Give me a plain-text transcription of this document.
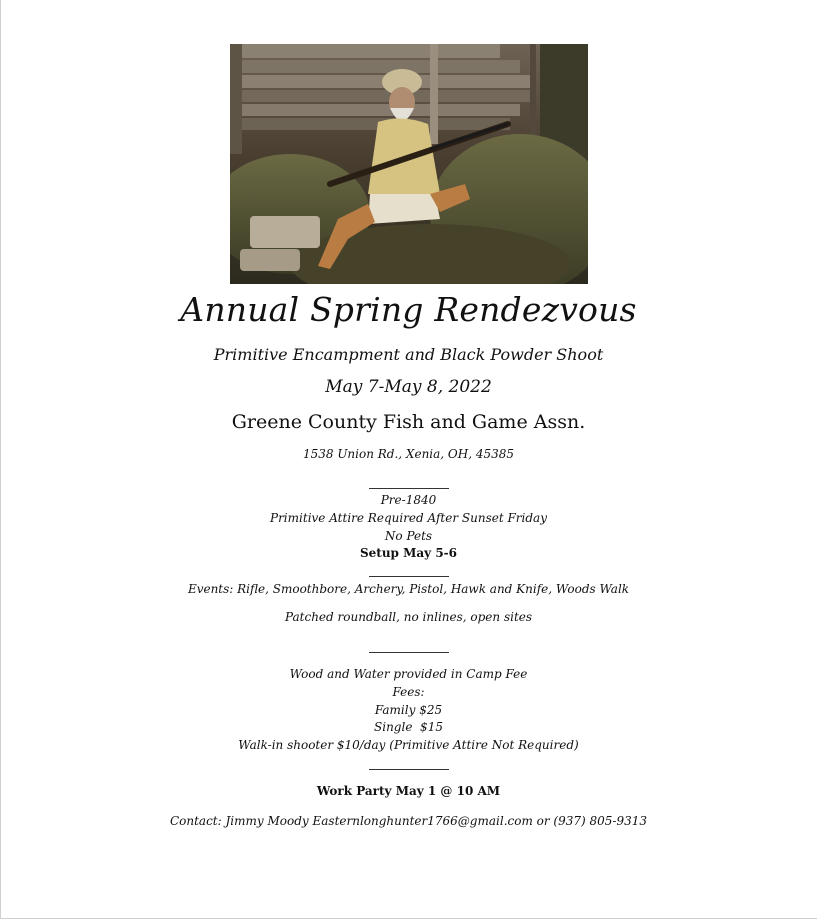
Annual Spring Rendezvous
Primitive Encampment and Black Powder Shoot
May 7-May 8, 2022
Greene County Fish and Game Assn.
1538 Union Rd., Xenia, OH, 45385
Pre-1840
Primitive Attire Required After Sunset Friday
No Pets
Setup May 5-6
Events: Rifle, Smoothbore, Archery, Pistol, Hawk and Knife, Woods Walk
Patched roundball, no inlines, open sites
Wood and Water provided in Camp Fee
Fees:
Family $25
Single  $15
Walk-in shooter $10/day (Primitive Attire Not Required)
Work Party May 1 @ 10 AM
Contact: Jimmy Moody Easternlonghunter1766@gmail.com or (937) 805-9313
